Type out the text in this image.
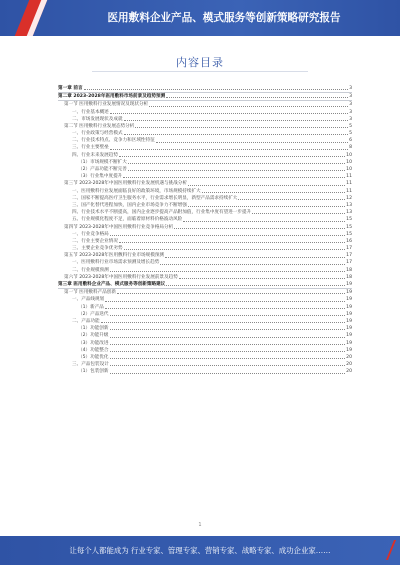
医用敷料企业产品、模式服务等创新策略研究报告
内容目录
第一章 前言	3
第二章 2023-2028年医用敷料市场前景及趋势预测	3
第一节 医用敷料行业发展情况及现状分析	3
一、行业基本概述	3
二、市场发展现状及成就	3
第二节 医用敷料行业发展态势分析	5
一、行业政策与经营模式	5
二、行业技术特点、竞争力和区域性特征	6
三、行业主要壁垒	8
四、行业未来发展趋势	10
（1）市场规模不断扩大	10
（2）产品功能不断完善	10
（3）行业集中度提升	11
第三节 2023-2028年中国医用敷料行业发展机遇与挑战分析	11
一、医用敷料行业发展面临良好的政策环境，市场规模持续扩大	11
二、国家不断提高医疗卫生服务水平，行业需求增长明显，新型产品需求持续扩大	12
三、国产化替代进程加快，国内企业市场竞争力不断增强	13
四、行业技术水平不断提高，国内企业逐步提高产品附加值，行业集中度有望进一步提升	13
五、行业规模化程度不足，面临着原材料价格波动风险	15
第四节 2023-2028年中国医用敷料行业竞争格局分析	15
一、行业竞争格局	15
二、行业主要企业情况	16
三、主要企业竞争优劣势	17
第五节 2023-2028年医用敷料行业市场规模预测	17
一、医用敷料行业市场需求预测及增长趋势	17
二、行业规模预测	18
第六节 2023-2028年中国医用敷料行业发展前景及趋势	18
第三章 医用敷料企业产品、模式服务等创新策略建议	19
第一节 医用敷料产品创新	19
一、产品线规划	19
（1）新产品	19
（2）产品迭代	19
二、产品功能	19
（1）功能创新	19
（2）功能升级	19
（3）功能改进	19
（4）功能整合	19
（5）功能优化	20
三、产品包装设计	20
（1）包装创新	20
1
让每个人都能成为 行业专家、管理专家、营销专家、战略专家、成功企业家……
